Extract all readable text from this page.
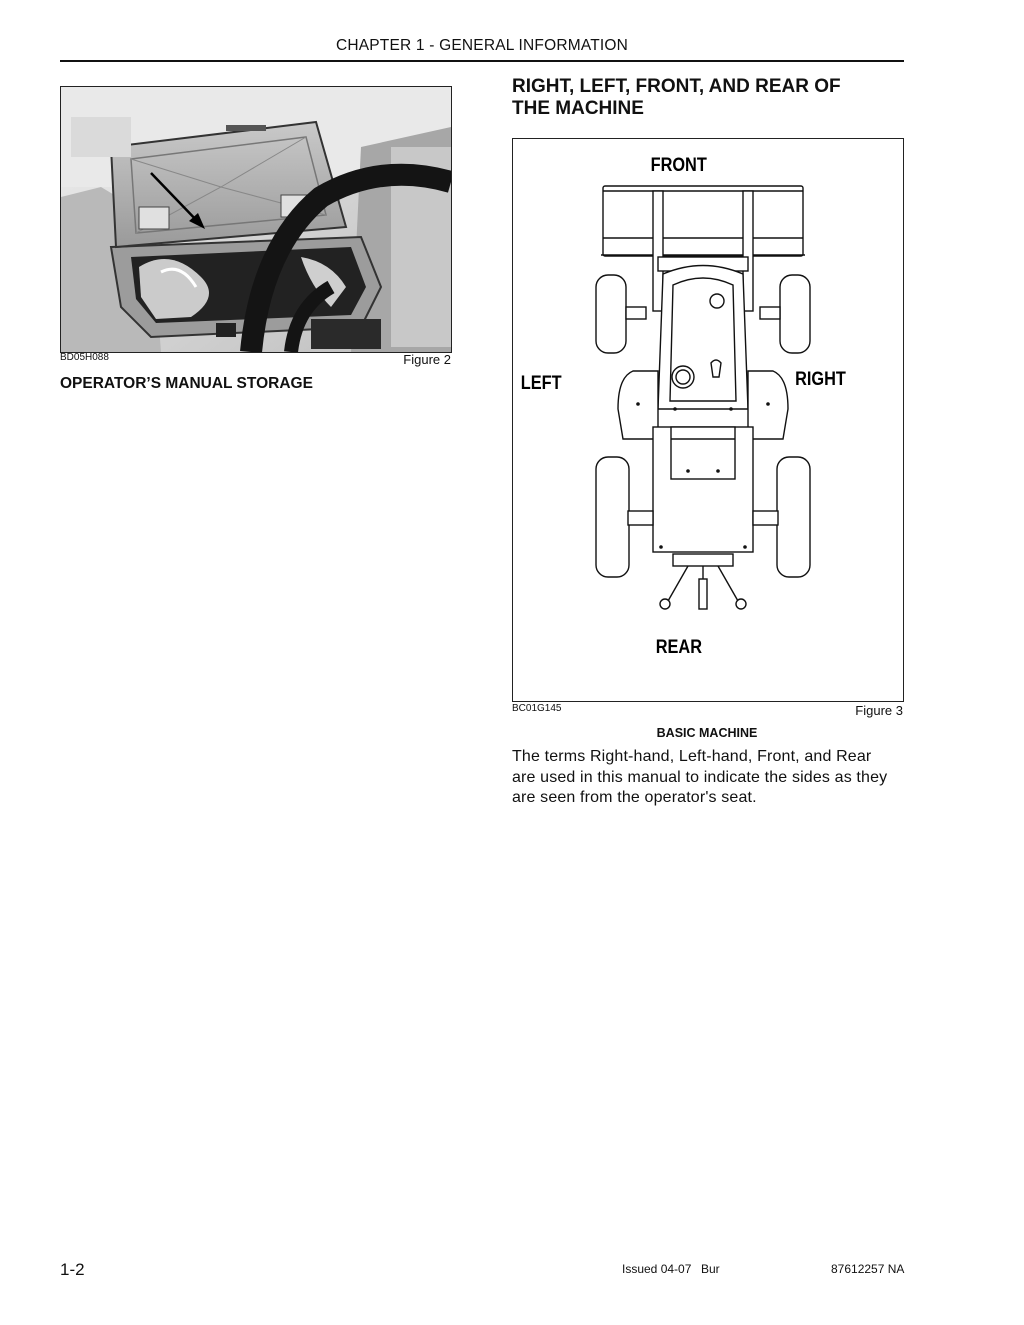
CHAPTER 1 - GENERAL INFORMATION
BD05H088	Figure 2
OPERATOR’S MANUAL STORAGE
RIGHT, LEFT, FRONT, AND REAR OF
THE MACHINE
FRONT
REAR
LEFT	RIGHT
BC01G145	Figure 3
BASIC MACHINE
The terms Right-hand, Left-hand, Front, and Rear
are used in this manual to indicate the sides as they
are seen from the operator's seat.
1-2	Issued 04-07 Bur	87612257 NA
